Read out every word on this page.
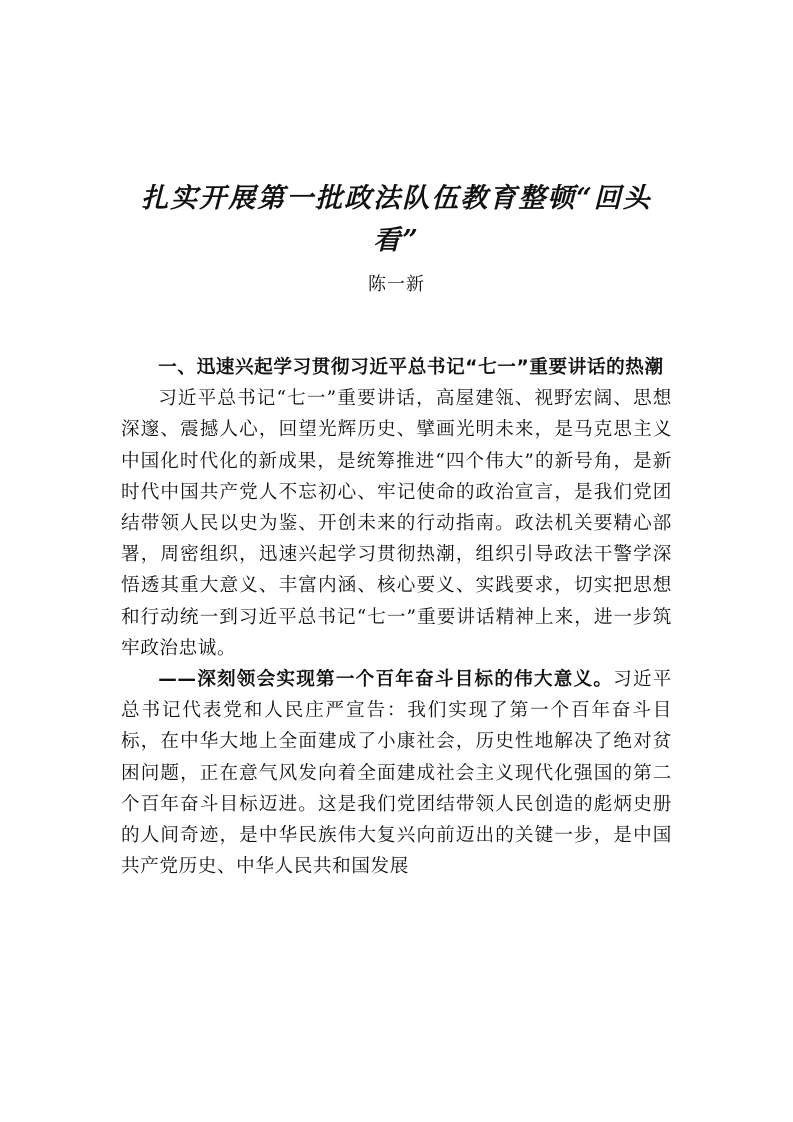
扎实开展第一批政法队伍教育整顿“回头看”
陈一新

一、迅速兴起学习贯彻习近平总书记“七一”重要讲话的热潮

习近平总书记“七一”重要讲话，高屋建瓴、视野宏阔、思想深邃、震撼人心，回望光辉历史、擘画光明未来，是马克思主义中国化时代化的新成果，是统筹推进“四个伟大”的新号角，是新时代中国共产党人不忘初心、牢记使命的政治宣言，是我们党团结带领人民以史为鉴、开创未来的行动指南。政法机关要精心部署，周密组织，迅速兴起学习贯彻热潮，组织引导政法干警学深悟透其重大意义、丰富内涵、核心要义、实践要求，切实把思想和行动统一到习近平总书记“七一”重要讲话精神上来，进一步筑牢政治忠诚。

——深刻领会实现第一个百年奋斗目标的伟大意义。习近平总书记代表党和人民庄严宣告：我们实现了第一个百年奋斗目标，在中华大地上全面建成了小康社会，历史性地解决了绝对贫困问题，正在意气风发向着全面建成社会主义现代化强国的第二个百年奋斗目标迈进。这是我们党团结带领人民创造的彪炳史册的人间奇迹，是中华民族伟大复兴向前迈出的关键一步，是中国共产党历史、中华人民共和国发展
